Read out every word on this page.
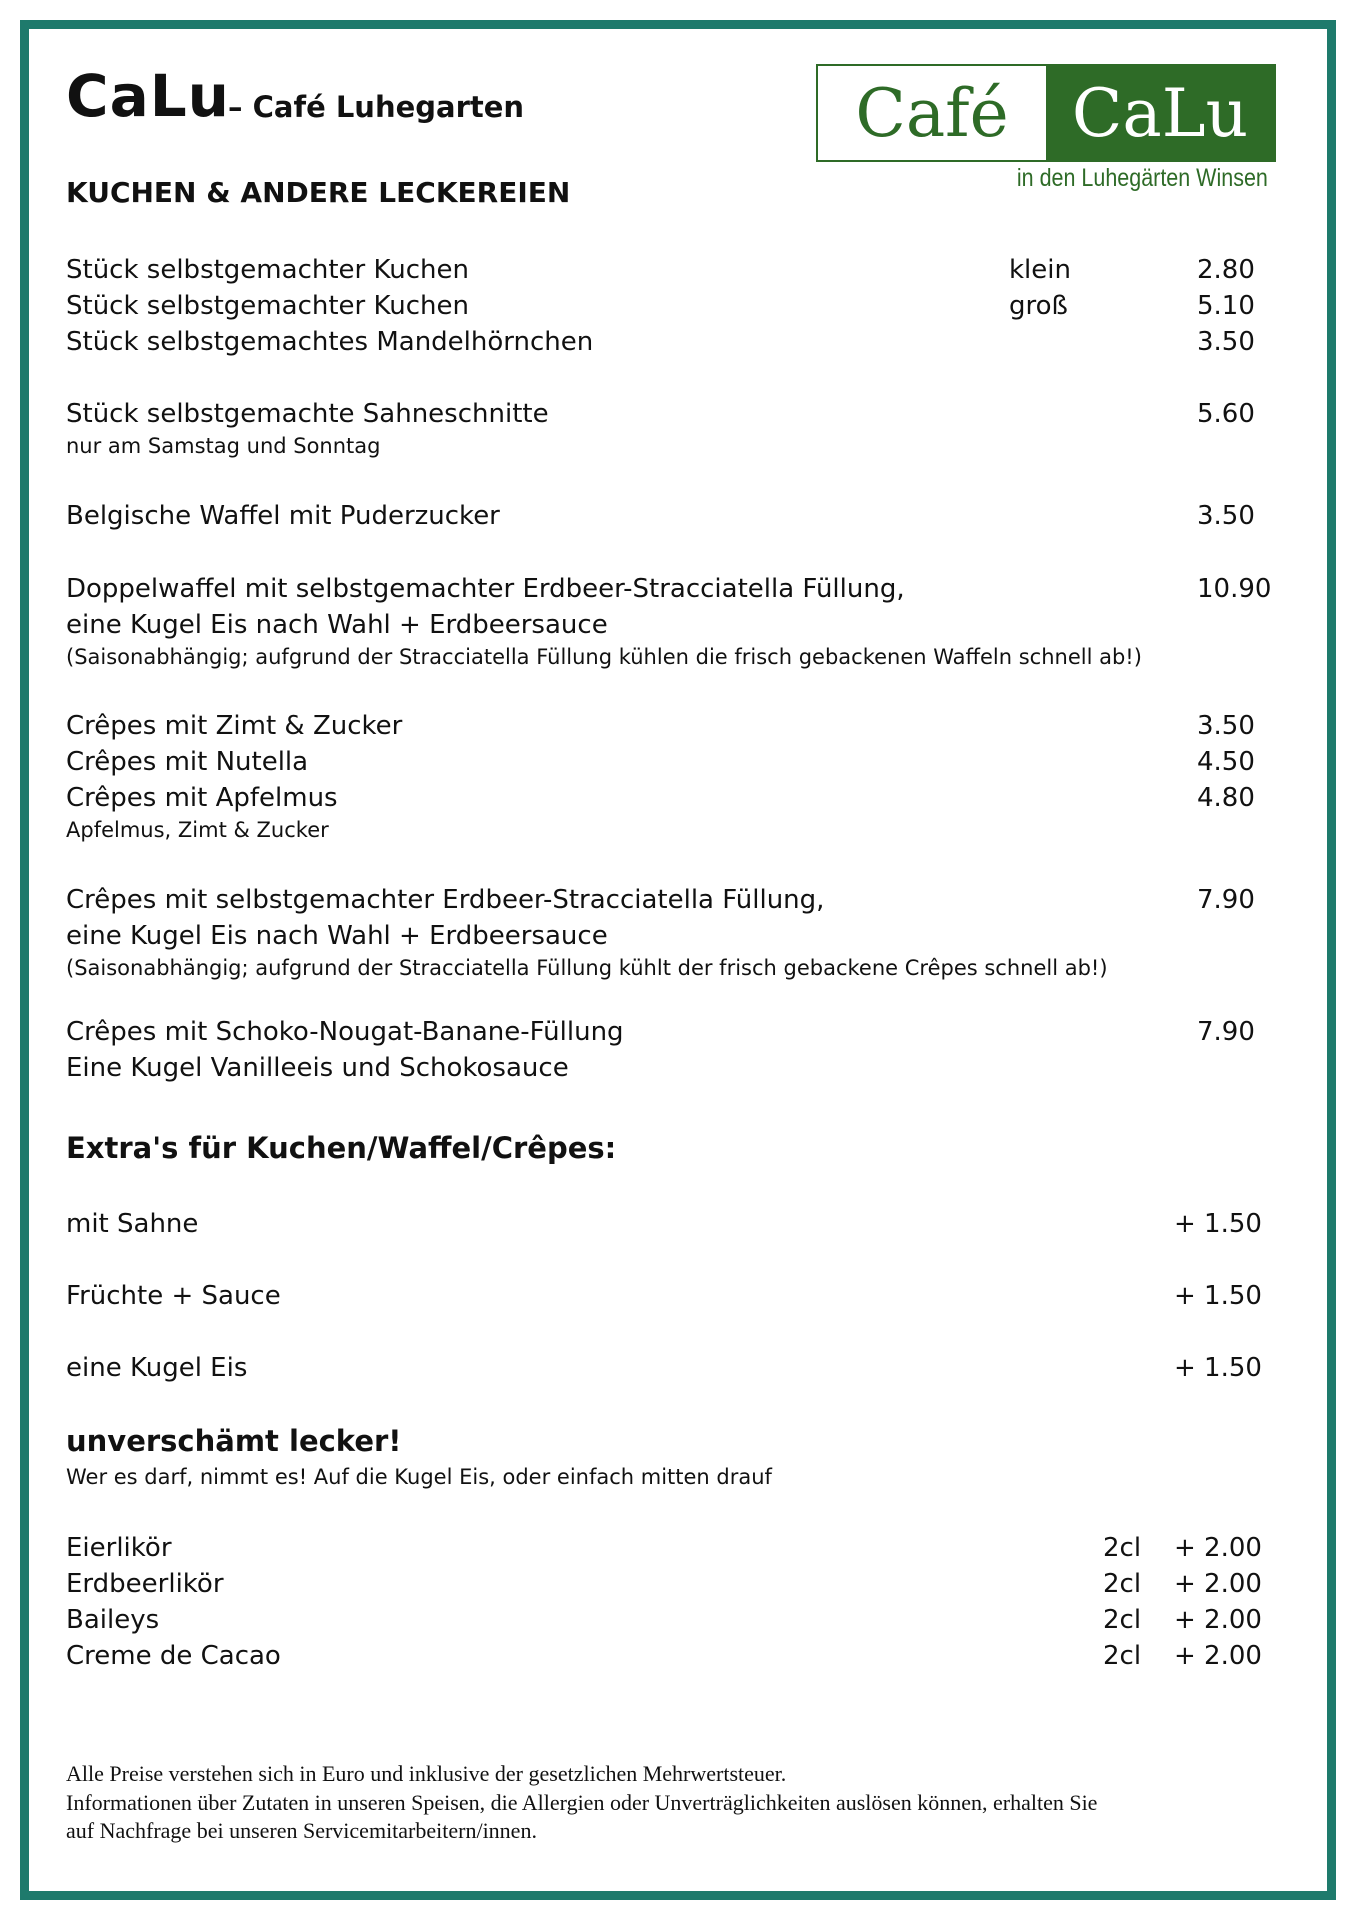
CaLu
– Café Luhegarten	Café CaLu
in den Luhegärten Winsen
KUCHEN & ANDERE LECKEREIEN
Stück selbstgemachter Kuchen	klein	2.80
Stück selbstgemachter Kuchen	groß	5.10
Stück selbstgemachtes Mandelhörnchen	3.50
Stück selbstgemachte Sahneschnitte	5.60
nur am Samstag und Sonntag
Belgische Waffel mit Puderzucker	3.50
Doppelwaffel mit selbstgemachter Erdbeer-Stracciatella Füllung,	10.90
eine Kugel Eis nach Wahl + Erdbeersauce
(Saisonabhängig; aufgrund der Stracciatella Füllung kühlen die frisch gebackenen Waffeln schnell ab!)
Crêpes mit Zimt & Zucker	3.50
Crêpes mit Nutella	4.50
Crêpes mit Apfelmus	4.80
Apfelmus, Zimt & Zucker
Crêpes mit selbstgemachter Erdbeer-Stracciatella Füllung,	7.90
eine Kugel Eis nach Wahl + Erdbeersauce
(Saisonabhängig; aufgrund der Stracciatella Füllung kühlt der frisch gebackene Crêpes schnell ab!)
Crêpes mit Schoko-Nougat-Banane-Füllung	7.90
Eine Kugel Vanilleeis und Schokosauce
Extra's für Kuchen/Waffel/Crêpes:
mit Sahne	+ 1.50
Früchte + Sauce	+ 1.50
eine Kugel Eis	+ 1.50
unverschämt lecker!
Wer es darf, nimmt es! Auf die Kugel Eis, oder einfach mitten drauf
Eierlikör	2cl + 2.00
Erdbeerlikör	2cl + 2.00
Baileys	2cl + 2.00
Creme de Cacao	2cl + 2.00
Alle Preise verstehen sich in Euro und inklusive der gesetzlichen Mehrwertsteuer.
Informationen über Zutaten in unseren Speisen, die Allergien oder Unverträglichkeiten auslösen können, erhalten Sie
auf Nachfrage bei unseren Servicemitarbeitern/innen.
